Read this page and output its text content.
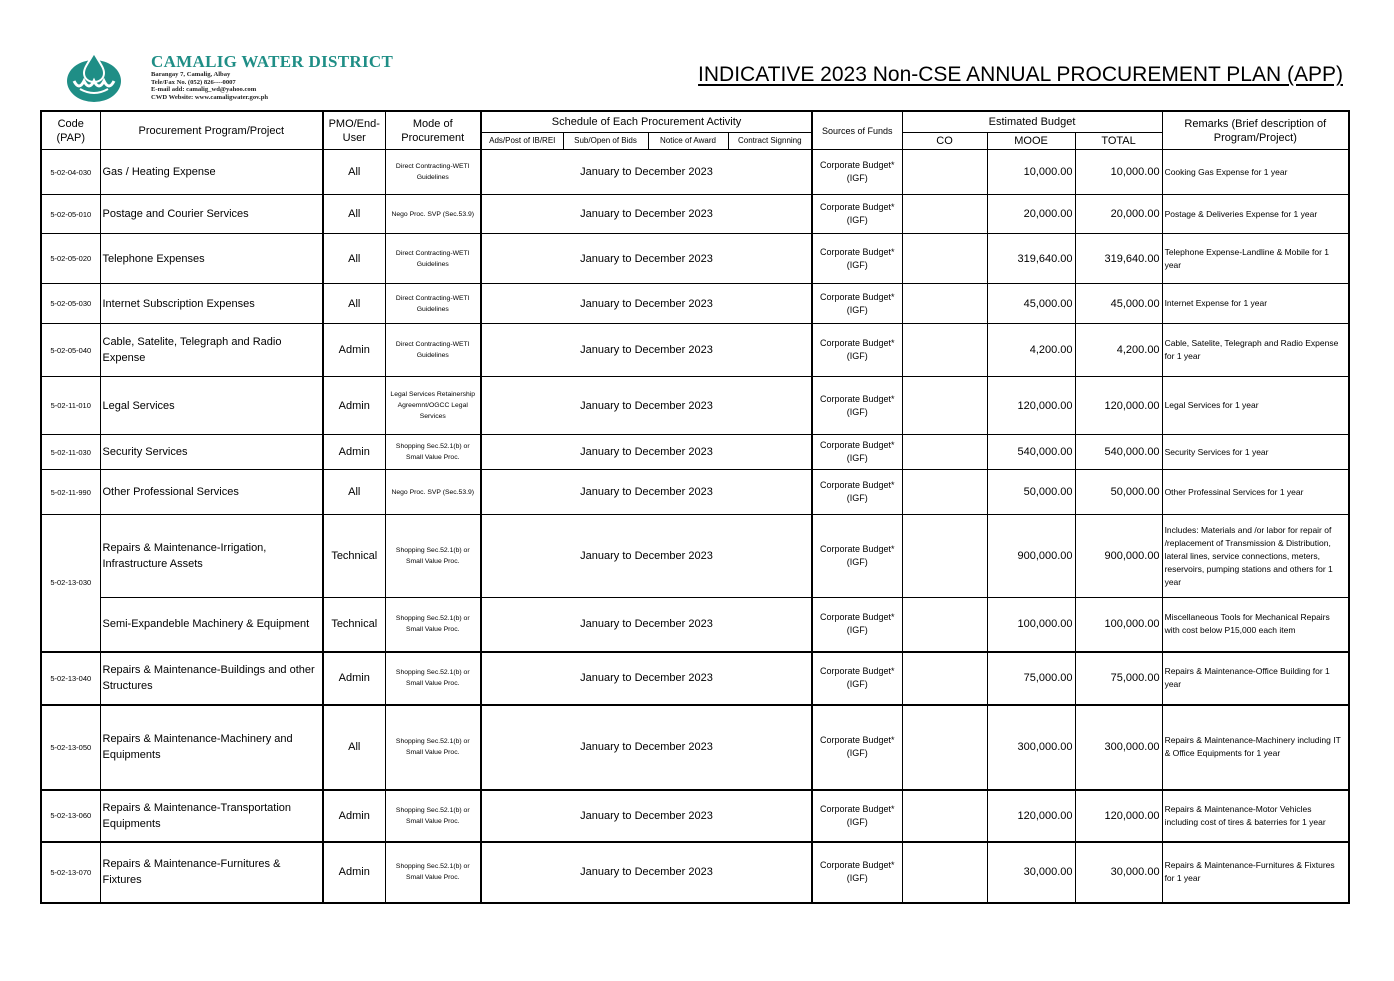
CAMALIG WATER DISTRICT
Barangay 7, Camalig, Albay
Tele/Fax No. (052) 826----0007
E-mail add: camalig_wd@yahoo.com
CWD Website: www.camaligwater.gov.ph
INDICATIVE 2023 Non-CSE ANNUAL PROCUREMENT PLAN (APP)
Code (PAP)	Procurement Program/Project	PMO/End-User	Mode of Procurement	Schedule of Each Procurement Activity				Sources of Funds	Estimated Budget			Remarks (Brief description of Program/Project)
				Ads/Post of IB/REI	Sub/Open of Bids	Notice of Award	Contract Signning		CO	MOOE	TOTAL	
5-02-04-030	Gas / Heating Expense	All	Direct Contracting-WETI Guidelines	January to December 2023				Corporate Budget*(IGF)		10,000.00	10,000.00	Cooking Gas Expense for 1 year
5-02-05-010	Postage and Courier Services	All	Nego Proc. SVP (Sec.53.9)	January to December 2023				Corporate Budget*(IGF)		20,000.00	20,000.00	Postage & Deliveries Expense for 1 year
5-02-05-020	Telephone Expenses	All	Direct Contracting-WETI Guidelines	January to December 2023				Corporate Budget*(IGF)		319,640.00	319,640.00	Telephone Expense-Landline & Mobile for 1 year
5-02-05-030	Internet Subscription Expenses	All	Direct Contracting-WETI Guidelines	January to December 2023				Corporate Budget*(IGF)		45,000.00	45,000.00	Internet Expense for 1 year
5-02-05-040	Cable, Satelite, Telegraph and Radio Expense	Admin	Direct Contracting-WETI Guidelines	January to December 2023				Corporate Budget*(IGF)		4,200.00	4,200.00	Cable, Satelite, Telegraph and Radio Expense for 1 year
5-02-11-010	Legal Services	Admin	Legal Services Retainership Agreemnt/OGCC Legal Services	January to December 2023				Corporate Budget*(IGF)		120,000.00	120,000.00	Legal Services for 1 year
5-02-11-030	Security Services	Admin	Shopping Sec.52.1(b) or Small Value Proc.	January to December 2023				Corporate Budget*(IGF)		540,000.00	540,000.00	Security Services for 1 year
5-02-11-990	Other Professional Services	All	Nego Proc. SVP (Sec.53.9)	January to December 2023				Corporate Budget*(IGF)		50,000.00	50,000.00	Other Professinal Services for 1 year
5-02-13-030	Repairs & Maintenance-Irrigation, Infrastructure Assets	Technical	Shopping Sec.52.1(b) or Small Value Proc.	January to December 2023				Corporate Budget*(IGF)		900,000.00	900,000.00	Includes: Materials and /or labor for repair of /replacement of Transmission & Distribution, lateral lines, service connections, meters, reservoirs, pumping stations and others for 1 year
	Semi-Expandeble Machinery & Equipment	Technical	Shopping Sec.52.1(b) or Small Value Proc.	January to December 2023				Corporate Budget*(IGF)		100,000.00	100,000.00	Miscellaneous Tools for Mechanical Repairs with cost below P15,000 each item
5-02-13-040	Repairs & Maintenance-Buildings and other Structures	Admin	Shopping Sec.52.1(b) or Small Value Proc.	January to December 2023				Corporate Budget*(IGF)		75,000.00	75,000.00	Repairs & Maintenance-Office Building for 1 year
5-02-13-050	Repairs & Maintenance-Machinery and Equipments	All	Shopping Sec.52.1(b) or Small Value Proc.	January to December 2023				Corporate Budget*(IGF)		300,000.00	300,000.00	Repairs & Maintenance-Machinery including IT & Office Equipments for 1 year
5-02-13-060	Repairs & Maintenance-Transportation Equipments	Admin	Shopping Sec.52.1(b) or Small Value Proc.	January to December 2023				Corporate Budget*(IGF)		120,000.00	120,000.00	Repairs & Maintenance-Motor Vehicles including cost of tires & baterries for 1 year
5-02-13-070	Repairs & Maintenance-Furnitures & Fixtures	Admin	Shopping Sec.52.1(b) or Small Value Proc.	January to December 2023				Corporate Budget*(IGF)		30,000.00	30,000.00	Repairs & Maintenance-Furnitures & Fixtures for 1 year
